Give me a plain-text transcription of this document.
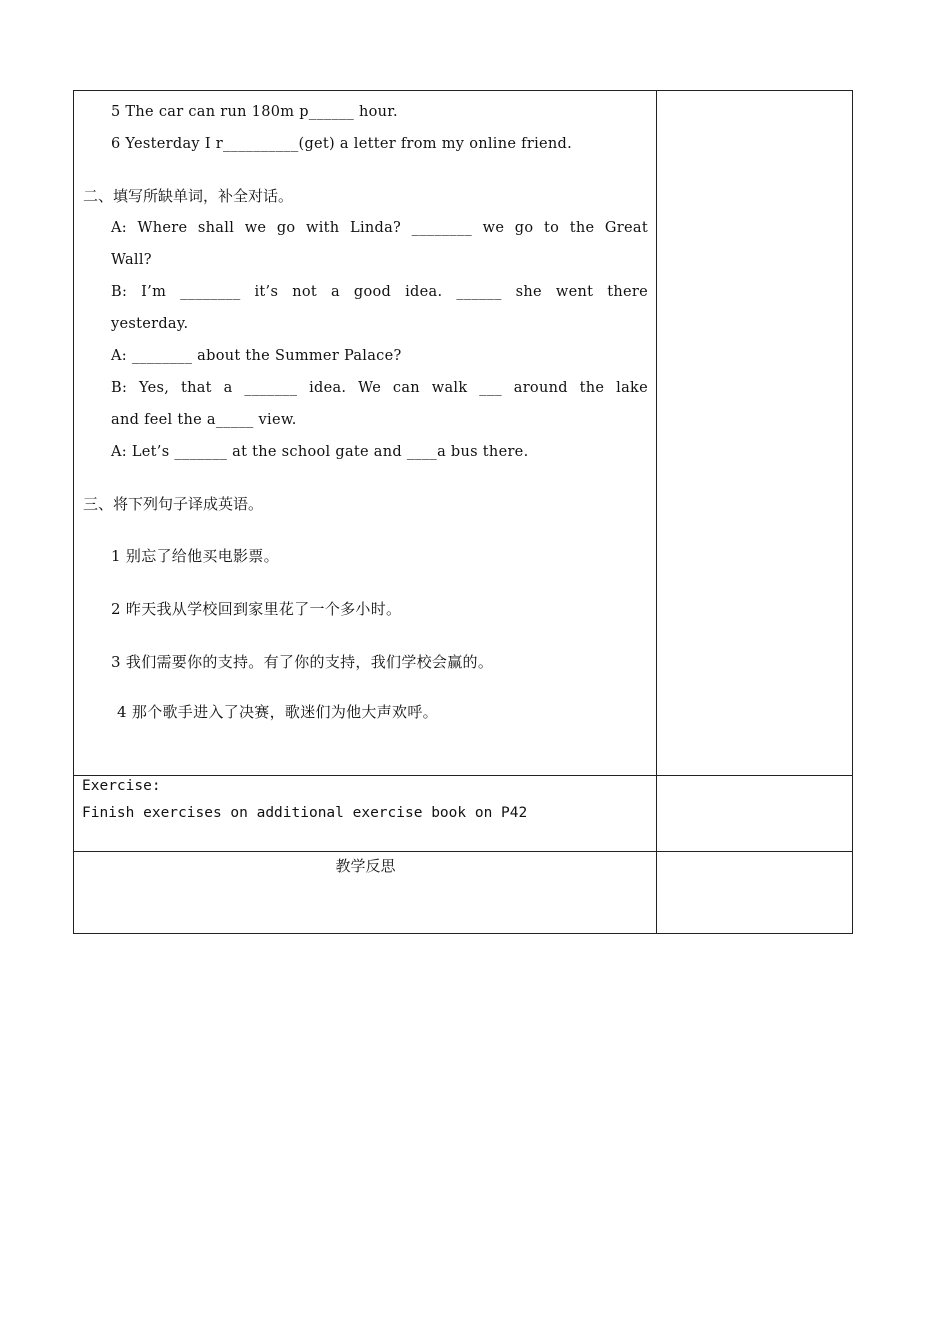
5 The car can run 180m p______ hour.
6 Yesterday I r__________(get) a letter from my online friend.
二、填写所缺单词，补全对话。
A: Where shall we go with Linda? ________ we go to the Great
Wall?
B: I’m ________ it’s not a good idea. ______ she went there
yesterday.
A: ________ about the Summer Palace?
B: Yes, that a _______ idea. We can walk ___ around the lake
and feel the a_____ view.
A: Let’s _______ at the school gate and ____a bus there.
三、将下列句子译成英语。
1 别忘了给他买电影票。
2 昨天我从学校回到家里花了一个多小时。
3 我们需要你的支持。有了你的支持，我们学校会赢的。
4 那个歌手进入了决赛，歌迷们为他大声欢呼。
Exercise:
Finish exercises on additional exercise book on P42
教学反思
